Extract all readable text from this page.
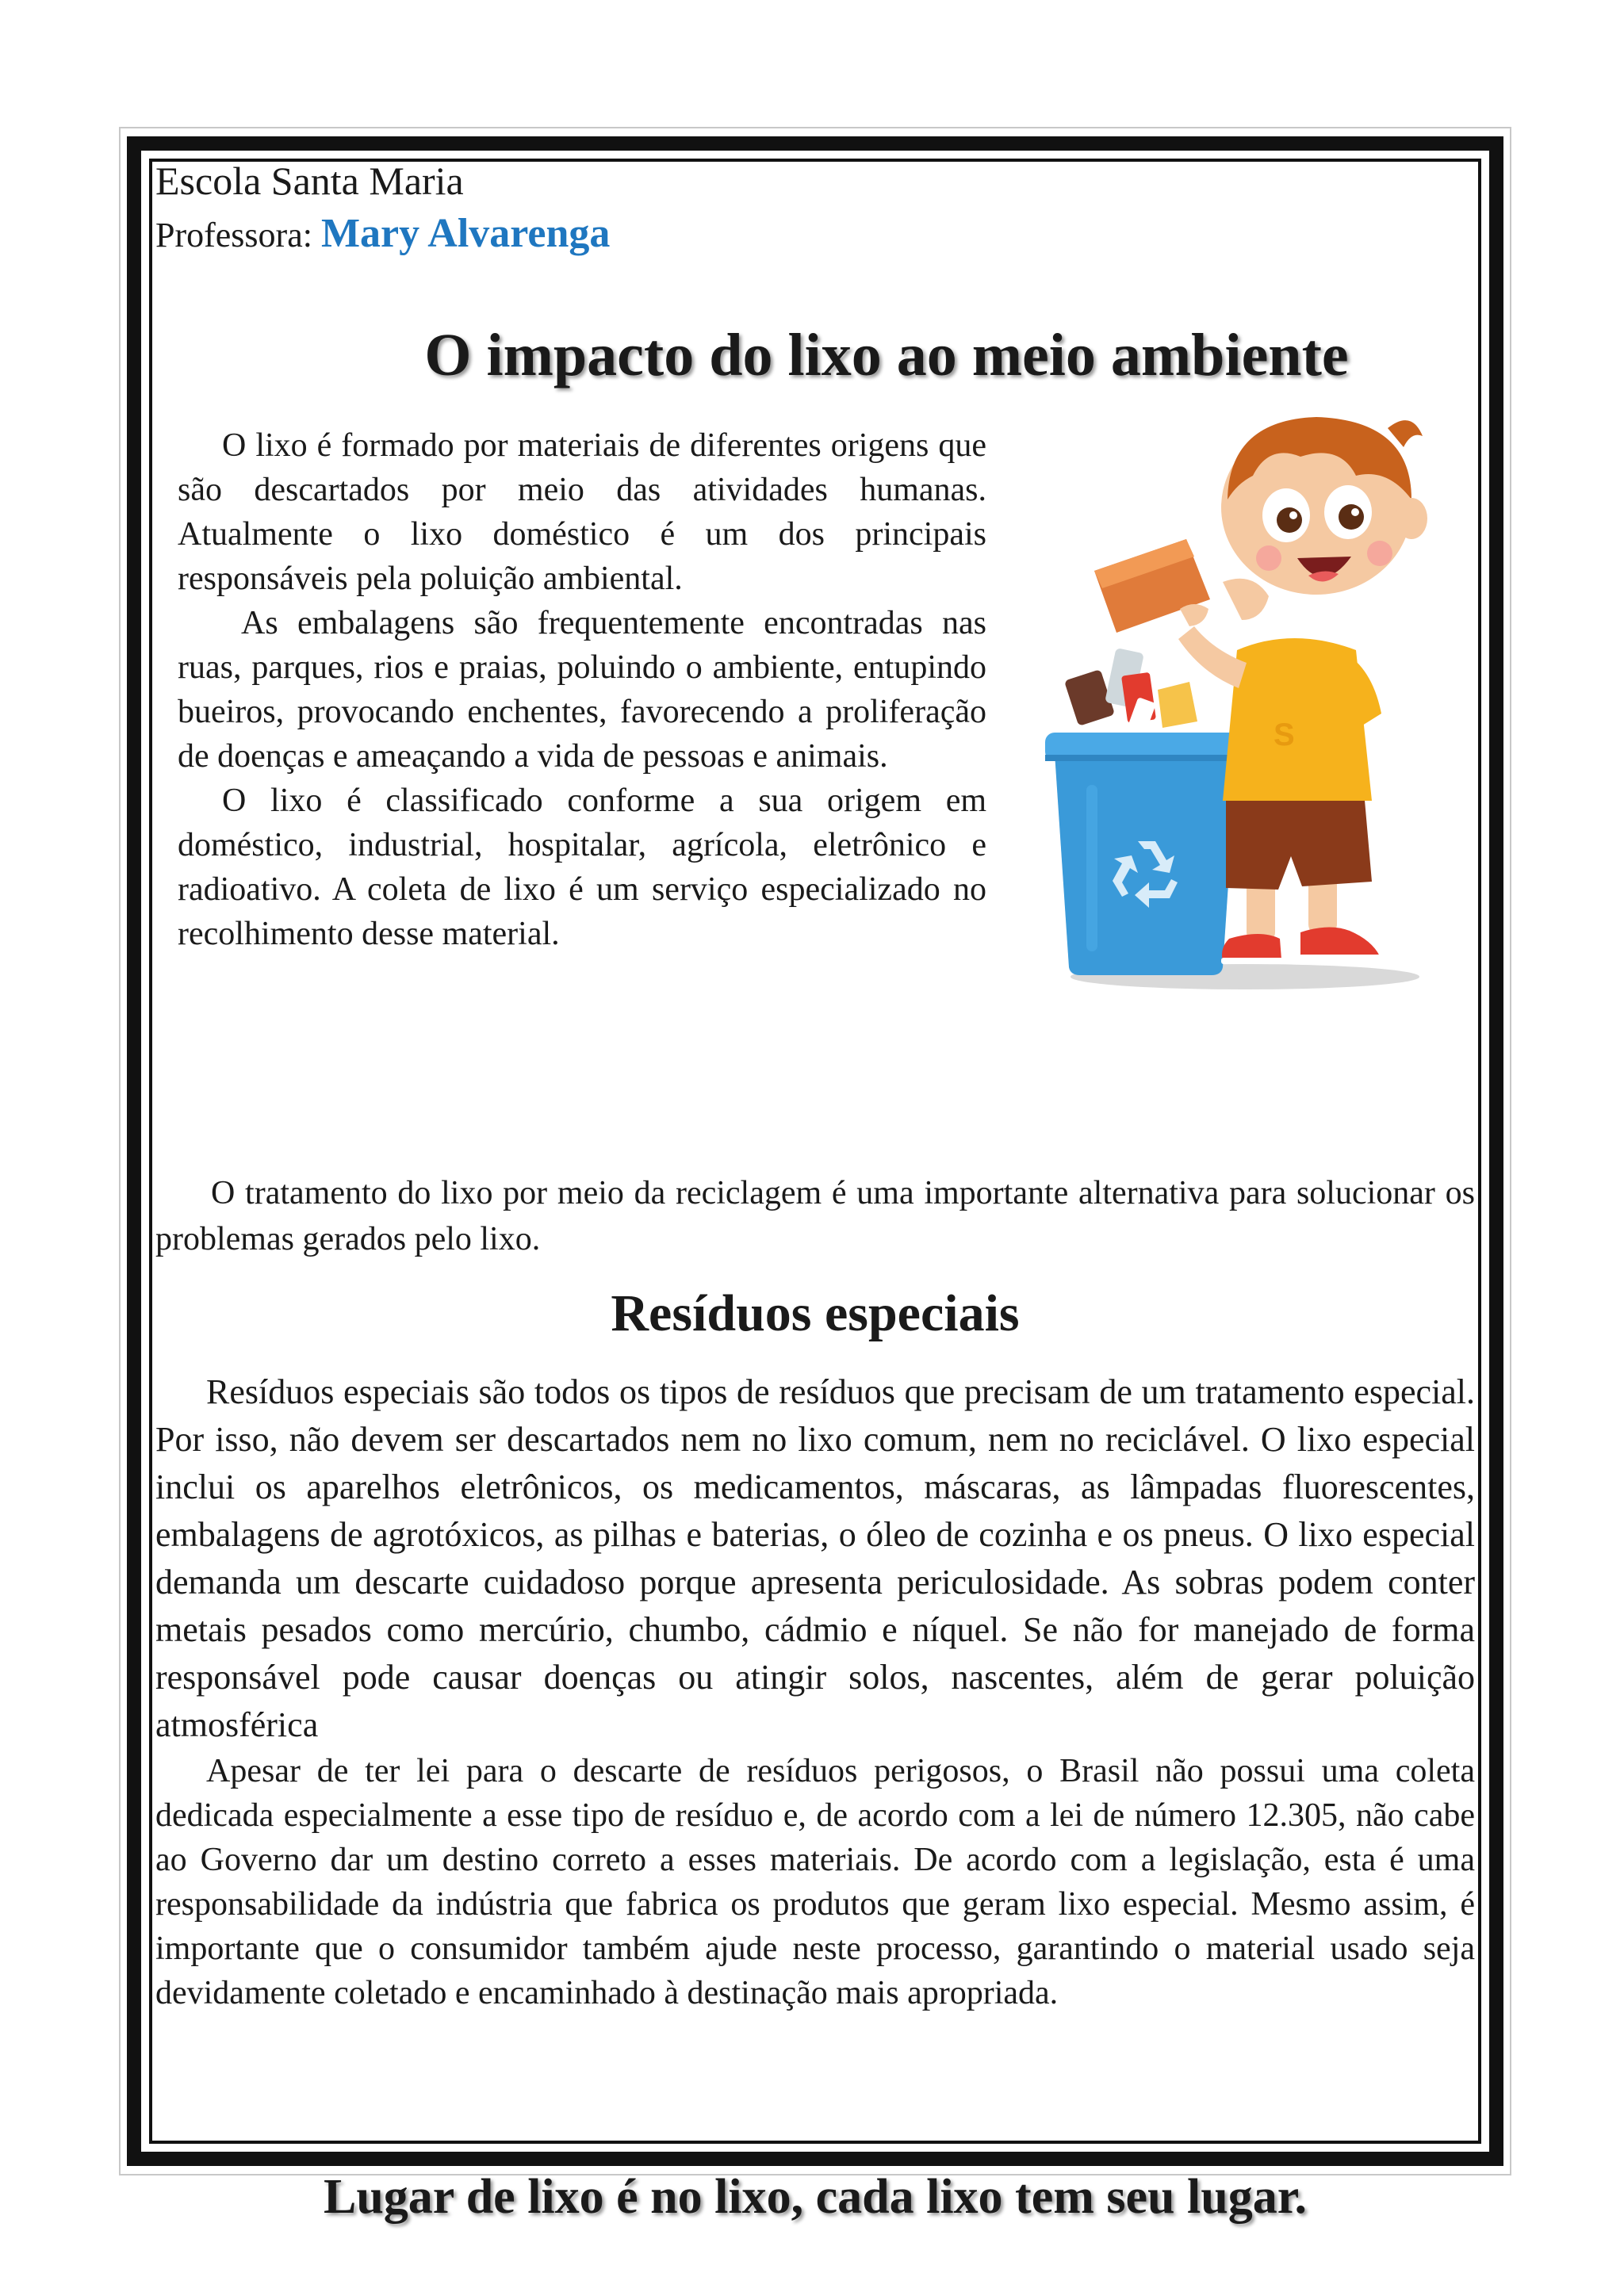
Escola Santa Maria
Professora: Mary Alvarenga
O impacto do lixo ao meio ambiente

O lixo é formado por materiais de diferentes origens que são descartados por meio das atividades humanas. Atualmente o lixo doméstico é um dos principais responsáveis pela poluição ambiental.

As embalagens são frequentemente encontradas nas ruas, parques, rios e praias, poluindo o ambiente, entupindo bueiros, provocando enchentes, favorecendo a proliferação de doenças e ameaçando a vida de pessoas e animais.

O lixo é classificado conforme a sua origem em doméstico, industrial, hospitalar, agrícola, eletrônico e radioativo. A coleta de lixo é um serviço especializado no recolhimento desse material.

O tratamento do lixo por meio da reciclagem é uma importante alternativa para solucionar os problemas gerados pelo lixo.
Resíduos especiais

Resíduos especiais são todos os tipos de resíduos que precisam de um tratamento especial. Por isso, não devem ser descartados nem no lixo comum, nem no reciclável. O lixo especial inclui os aparelhos eletrônicos, os medicamentos, máscaras, as lâmpadas fluorescentes, embalagens de agrotóxicos, as pilhas e baterias, o óleo de cozinha e os pneus. O lixo especial demanda um descarte cuidadoso porque apresenta periculosidade. As sobras podem conter metais pesados como mercúrio, chumbo, cádmio e níquel. Se não for manejado de forma responsável pode causar doenças ou atingir solos, nascentes, além de gerar poluição atmosférica

Apesar de ter lei para o descarte de resíduos perigosos, o Brasil não possui uma coleta dedicada especialmente a esse tipo de resíduo e, de acordo com a lei de número 12.305, não cabe ao Governo dar um destino correto a esses materiais. De acordo com a legislação, esta é uma responsabilidade da indústria que fabrica os produtos que geram lixo especial. Mesmo assim, é importante que o consumidor também ajude neste processo, garantindo o material usado seja devidamente coletado e encaminhado à destinação mais apropriada.

Lugar de lixo é no lixo, cada lixo tem seu lugar.
S
